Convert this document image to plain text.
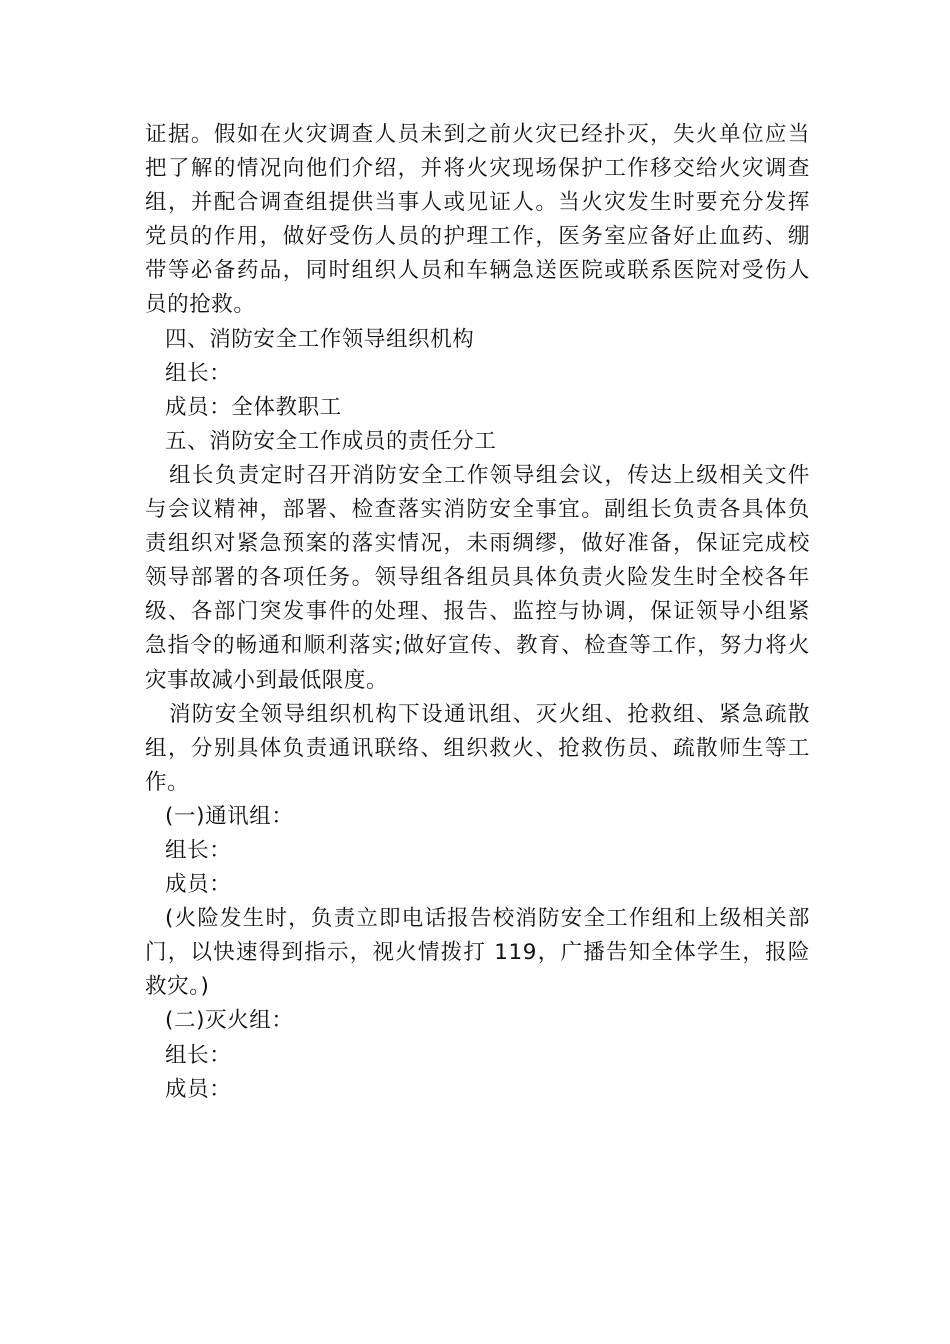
证据。假如在火灾调查人员未到之前火灾已经扑灭，失火单位应当
把了解的情况向他们介绍，并将火灾现场保护工作移交给火灾调查
组，并配合调查组提供当事人或见证人。当火灾发生时要充分发挥
党员的作用，做好受伤人员的护理工作，医务室应备好止血药、绷
带等必备药品，同时组织人员和车辆急送医院或联系医院对受伤人
员的抢救。
四、消防安全工作领导组织机构
组长：
成员：全体教职工
五、消防安全工作成员的责任分工
组长负责定时召开消防安全工作领导组会议，传达上级相关文件
与会议精神，部署、检查落实消防安全事宜。副组长负责各具体负
责组织对紧急预案的落实情况，未雨绸缪，做好准备，保证完成校
领导部署的各项任务。领导组各组员具体负责火险发生时全校各年
级、各部门突发事件的处理、报告、监控与协调，保证领导小组紧
急指令的畅通和顺利落实;做好宣传、教育、检查等工作，努力将火
灾事故减小到最低限度。
消防安全领导组织机构下设通讯组、灭火组、抢救组、紧急疏散
组，分别具体负责通讯联络、组织救火、抢救伤员、疏散师生等工
作。
(一)通讯组：
组长：
成员：
(火险发生时，负责立即电话报告校消防安全工作组和上级相关部
门，以快速得到指示，视火情拨打 119，广播告知全体学生，报险
救灾。)
(二)灭火组：
组长：
成员：
